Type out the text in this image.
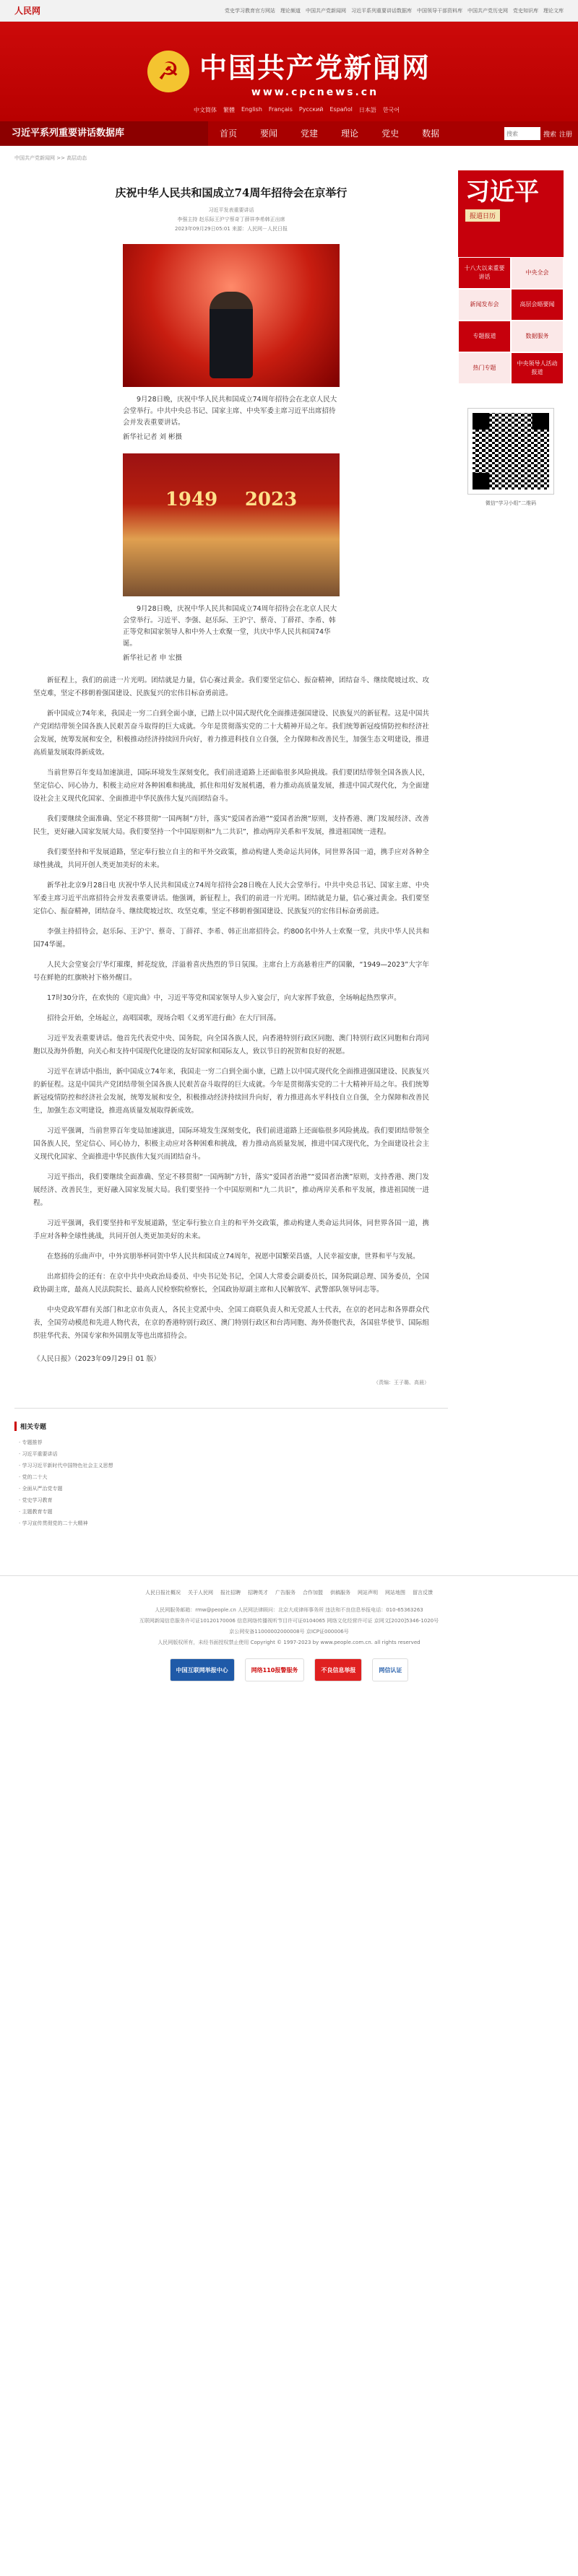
人民网	党史学习教育官方网站 理论频道 中国共产党新闻网 习近平系列重要讲话数据库 中国领导干部资料库 中国共产党历史网 党史知识库 理论文库
☭ 中国共产党新闻网
www.cpcnews.cn
中文简体 繁體 English Français Русский Español 日本語 한국어
习近平系列重要讲话数据库	首页	要闻	党建	理论	党史	数据
搜索	搜索 注册
中国共产党新闻网 >> 高层动态
庆祝中华人民共和国成立74周年招待会在京举行
习近平发表重要讲话
李强主持 赵乐际王沪宁蔡奇丁薛祥李希韩正出席
2023年09月29日05:01 来源：人民网－人民日报
9月28日晚，庆祝中华人民共和国成立74周年招待会在北京人民大会堂举行。中共中央总书记、国家主席、中央军委主席习近平出席招待会并发表重要讲话。
新华社记者 刘 彬摄
1949 2023
9月28日晚，庆祝中华人民共和国成立74周年招待会在北京人民大会堂举行。习近平、李强、赵乐际、王沪宁、蔡奇、丁薛祥、李希、韩正等党和国家领导人和中外人士欢聚一堂，共庆中华人民共和国74华诞。
新华社记者 申 宏摄

新征程上，我们的前进一片光明。团结就是力量，信心赛过黄金。我们要坚定信心、振奋精神，团结奋斗、继续爬坡过坎、攻坚克难，坚定不移朝着强国建设、民族复兴的宏伟目标奋勇前进。

新中国成立74年来，我国走一穷二白到全面小康，已踏上以中国式现代化全面推进强国建设、民族复兴的新征程。这是中国共产党团结带领全国各族人民艰苦奋斗取得的巨大成就。今年是贯彻落实党的二十大精神开局之年。我们统筹新冠疫情防控和经济社会发展，统筹发展和安全，积极推动经济持续回升向好，着力推进科技自立自强，全力保障和改善民生，加强生态文明建设，推进高质量发展取得新成效。

当前世界百年变局加速演进，国际环境发生深刻变化，我们前进道路上还面临很多风险挑战。我们要团结带领全国各族人民，坚定信心、同心协力，积极主动应对各种困难和挑战，抓住和用好发展机遇，着力推动高质量发展，推进中国式现代化，为全面建设社会主义现代化国家、全面推进中华民族伟大复兴而团结奋斗。

我们要继续全面准确、坚定不移贯彻“一国两制”方针，落实“爱国者治港”“爱国者治澳”原则，支持香港、澳门发展经济、改善民生，更好融入国家发展大局。我们要坚持一个中国原则和“九二共识”，推动两岸关系和平发展，推进祖国统一进程。

我们要坚持和平发展道路，坚定奉行独立自主的和平外交政策，推动构建人类命运共同体，同世界各国一道，携手应对各种全球性挑战，共同开创人类更加美好的未来。

新华社北京9月28日电 庆祝中华人民共和国成立74周年招待会28日晚在人民大会堂举行。中共中央总书记、国家主席、中央军委主席习近平出席招待会并发表重要讲话。他强调，新征程上，我们的前进一片光明。团结就是力量，信心赛过黄金。我们要坚定信心、振奋精神，团结奋斗、继续爬坡过坎、攻坚克难，坚定不移朝着强国建设、民族复兴的宏伟目标奋勇前进。

李强主持招待会，赵乐际、王沪宁、蔡奇、丁薛祥、李希、韩正出席招待会。约800名中外人士欢聚一堂，共庆中华人民共和国74华诞。

人民大会堂宴会厅华灯璀璨，鲜花绽放，洋溢着喜庆热烈的节日氛围。主席台上方高悬着庄严的国徽，“1949—2023”大字年号在鲜艳的红旗映衬下格外醒目。

17时30分许，在欢快的《迎宾曲》中，习近平等党和国家领导人步入宴会厅，向大家挥手致意，全场响起热烈掌声。

招待会开始，全场起立，高唱国歌，现场合唱《义勇军进行曲》在大厅回荡。

习近平发表重要讲话。他首先代表党中央、国务院，向全国各族人民，向香港特别行政区同胞、澳门特别行政区同胞和台湾同胞以及海外侨胞，向关心和支持中国现代化建设的友好国家和国际友人，致以节日的祝贺和良好的祝愿。

习近平在讲话中指出，新中国成立74年来，我国走一穷二白到全面小康，已踏上以中国式现代化全面推进强国建设、民族复兴的新征程。这是中国共产党团结带领全国各族人民艰苦奋斗取得的巨大成就。今年是贯彻落实党的二十大精神开局之年。我们统筹新冠疫情防控和经济社会发展，统筹发展和安全，积极推动经济持续回升向好，着力推进高水平科技自立自强，全力保障和改善民生，加强生态文明建设，推进高质量发展取得新成效。

习近平强调，当前世界百年变局加速演进，国际环境发生深刻变化，我们前进道路上还面临很多风险挑战。我们要团结带领全国各族人民，坚定信心、同心协力，积极主动应对各种困难和挑战，着力推动高质量发展，推进中国式现代化，为全面建设社会主义现代化国家、全面推进中华民族伟大复兴而团结奋斗。

习近平指出，我们要继续全面准确、坚定不移贯彻“一国两制”方针，落实“爱国者治港”“爱国者治澳”原则，支持香港、澳门发展经济、改善民生，更好融入国家发展大局。我们要坚持一个中国原则和“九二共识”，推动两岸关系和平发展，推进祖国统一进程。

习近平强调，我们要坚持和平发展道路，坚定奉行独立自主的和平外交政策，推动构建人类命运共同体，同世界各国一道，携手应对各种全球性挑战，共同开创人类更加美好的未来。

在悠扬的乐曲声中，中外宾朋举杯同贺中华人民共和国成立74周年，祝愿中国繁荣昌盛，人民幸福安康，世界和平与发展。

出席招待会的还有：在京中共中央政治局委员、中央书记处书记，全国人大常委会副委员长，国务院副总理、国务委员，全国政协副主席，最高人民法院院长、最高人民检察院检察长，全国政协原副主席和人民解放军、武警部队领导同志等。

中央党政军群有关部门和北京市负责人，各民主党派中央、全国工商联负责人和无党派人士代表，在京的老同志和各界群众代表，全国劳动模范和先进人物代表，在京的香港特别行政区、澳门特别行政区和台湾同胞、海外侨胞代表，各国驻华使节、国际组织驻华代表、外国专家和外国朋友等也出席招待会。

《人民日报》（2023年09月29日 01 版）
（责编：王子璐、高晨）
相关专题
· 专题推荐
· 习近平重要讲话
· 学习习近平新时代中国特色社会主义思想
· 党的二十大
· 全面从严治党专题
· 党史学习教育
· 主题教育专题
· 学习宣传贯彻党的二十大精神
习近平
报道日历
十八大以来重要讲话
中央全会
新闻发布会	高层会晤要闻
专题报道	数据服务
热门专题
中央领导人活动报道
微信“学习小组”二维码
人民日报社概况 关于人民网 报社招聘 招聘英才 广告服务 合作加盟 供稿服务 网站声明 网站地图 留言反馈
人民网服务邮箱：rmw@people.cn 人民网法律顾问：北京大成律师事务所 违法和不良信息举报电话：010-65363263
互联网新闻信息服务许可证10120170006 信息网络传播视听节目许可证0104065 网络文化经营许可证 京网文[2020]5346-1020号
京公网安备11000002000008号 京ICP证000006号
人民网版权所有，未经书面授权禁止使用 Copyright © 1997-2023 by www.people.com.cn. all rights reserved
中国互联网举报中心	网络110报警服务	不良信息举报	网信认证
